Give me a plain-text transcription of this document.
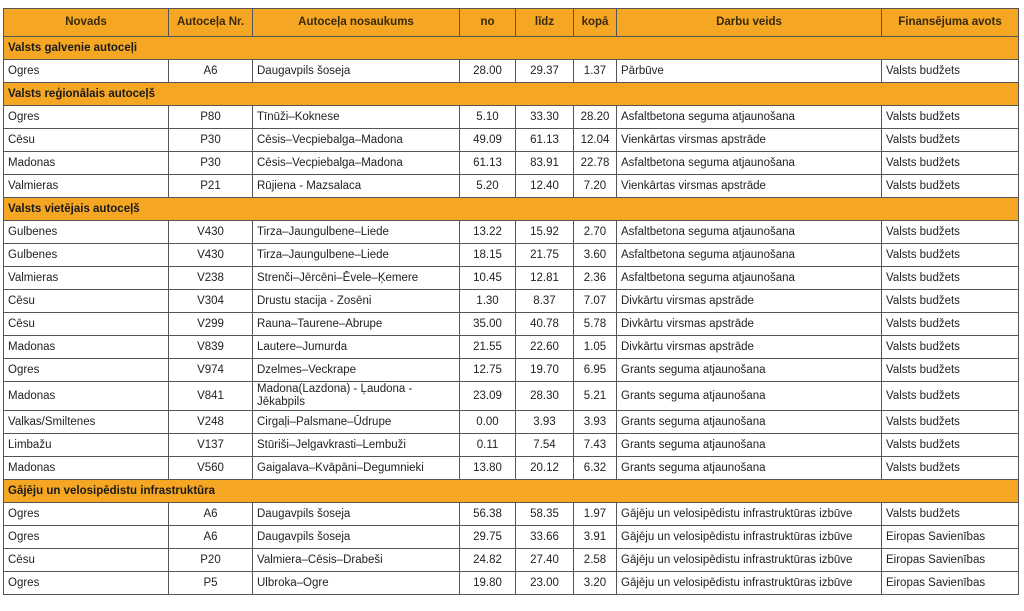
Novads	Autoceļa Nr.	Autoceļa nosaukums	no	līdz	kopā	Darbu veids	Finansējuma avots
Valsts galvenie autoceļi							
Ogres	A6	Daugavpils šoseja	28.00	29.37	1.37	Pārbūve	Valsts budžets
Valsts reģionālais autoceļš							
Ogres	P80	Tīnūži–Koknese	5.10	33.30	28.20	Asfaltbetona seguma atjaunošana	Valsts budžets
Cēsu	P30	Cēsis–Vecpiebalga–Madona	49.09	61.13	12.04	Vienkārtas virsmas apstrāde	Valsts budžets
Madonas	P30	Cēsis–Vecpiebalga–Madona	61.13	83.91	22.78	Asfaltbetona seguma atjaunošana	Valsts budžets
Valmieras	P21	Rūjiena - Mazsalaca	5.20	12.40	7.20	Vienkārtas virsmas apstrāde	Valsts budžets
Valsts vietējais autoceļš							
Gulbenes	V430	Tirza–Jaungulbene–Liede	13.22	15.92	2.70	Asfaltbetona seguma atjaunošana	Valsts budžets
Gulbenes	V430	Tirza–Jaungulbene–Liede	18.15	21.75	3.60	Asfaltbetona seguma atjaunošana	Valsts budžets
Valmieras	V238	Strenči–Jērcēni–Ēvele–Ķemere	10.45	12.81	2.36	Asfaltbetona seguma atjaunošana	Valsts budžets
Cēsu	V304	Drustu stacija - Zosēni	1.30	8.37	7.07	Divkārtu virsmas apstrāde	Valsts budžets
Cēsu	V299	Rauna–Taurene–Abrupe	35.00	40.78	5.78	Divkārtu virsmas apstrāde	Valsts budžets
Madonas	V839	Lautere–Jumurda	21.55	22.60	1.05	Divkārtu virsmas apstrāde	Valsts budžets
Ogres	V974	Dzelmes–Veckrape	12.75	19.70	6.95	Grants seguma atjaunošana	Valsts budžets
Madonas	V841	Madona(Lazdona) - Ļaudona - Jēkabpils	23.09	28.30	5.21	Grants seguma atjaunošana	Valsts budžets
Valkas/Smiltenes	V248	Cirgaļi–Palsmane–Ūdrupe	0.00	3.93	3.93	Grants seguma atjaunošana	Valsts budžets
Limbažu	V137	Stūriši–Jelgavkrasti–Lembuži	0.11	7.54	7.43	Grants seguma atjaunošana	Valsts budžets
Madonas	V560	Gaigalava–Kvāpāni–Degumnieki	13.80	20.12	6.32	Grants seguma atjaunošana	Valsts budžets
Gājēju un velosipēdistu infrastruktūra							
Ogres	A6	Daugavpils šoseja	56.38	58.35	1.97	Gājēju un velosipēdistu infrastruktūras izbūve	Valsts budžets
Ogres	A6	Daugavpils šoseja	29.75	33.66	3.91	Gājēju un velosipēdistu infrastruktūras izbūve	Eiropas Savienības
Cēsu	P20	Valmiera–Cēsis–Drabeši	24.82	27.40	2.58	Gājēju un velosipēdistu infrastruktūras izbūve	Eiropas Savienības
Ogres	P5	Ulbroka–Ogre	19.80	23.00	3.20	Gājēju un velosipēdistu infrastruktūras izbūve	Eiropas Savienības
